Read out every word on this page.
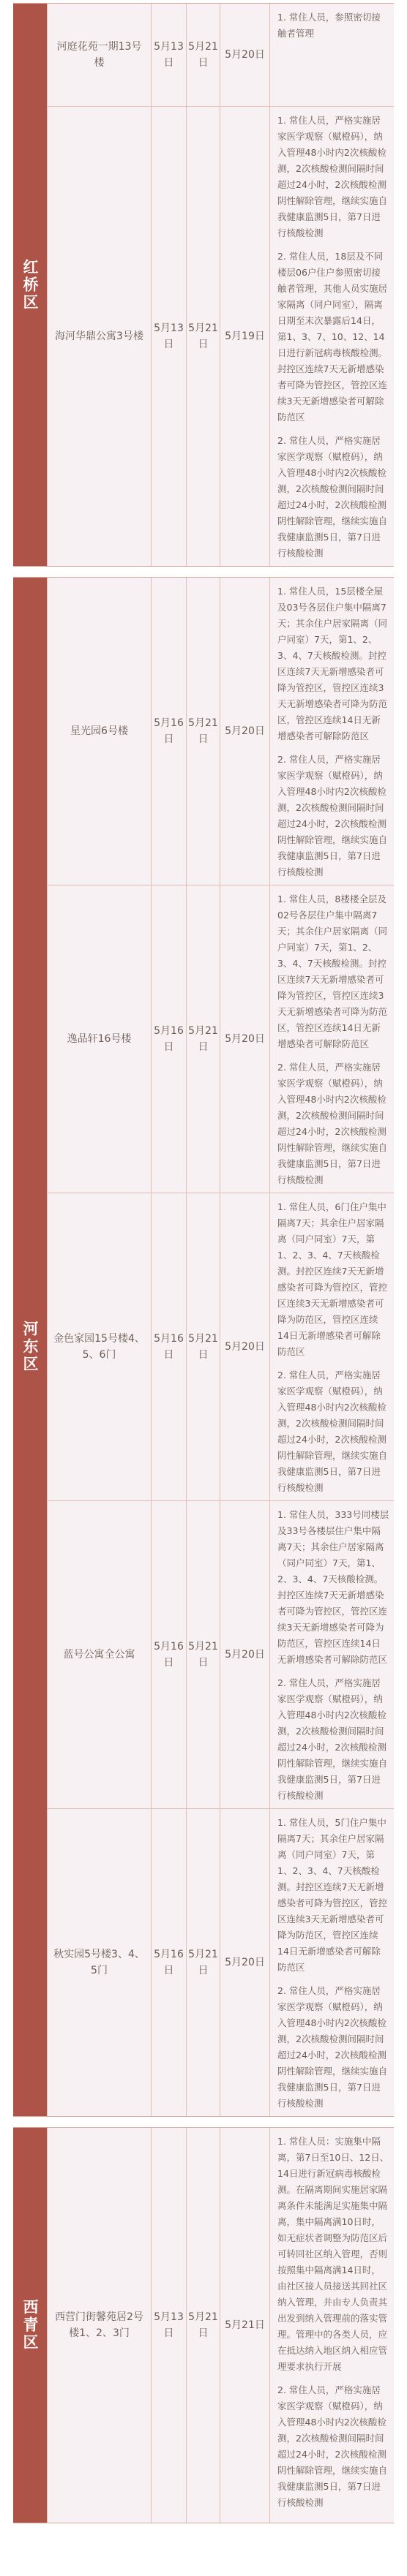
红桥区
河庭花苑一期13号楼
5月13日
5月21日
5月20日

1. 常住人员，参照密切接触者管理

海河华鼎公寓3号楼
5月13日
5月21日
5月19日

1. 常住人员，严格实施居家医学观察（赋橙码），纳入管理48小时内2次核酸检测，2次核酸检测间隔时间超过24小时，2次核酸检测阴性解除管理，继续实施自我健康监测5日，第7日进行核酸检测

2. 常住人员，18层及不同楼层06户住户参照密切接触者管理，其他人员实施居家隔离（同户同室），隔离日期至末次暴露后14日，第1、3、7、10、12、14日进行新冠病毒核酸检测。封控区连续7天无新增感染者可降为管控区，管控区连续3天无新增感染者可解除防范区

2. 常住人员，严格实施居家医学观察（赋橙码），纳入管理48小时内2次核酸检测，2次核酸检测间隔时间超过24小时，2次核酸检测阴性解除管理，继续实施自我健康监测5日，第7日进行核酸检测

河东区
星光园6号楼
5月16日
5月21日
5月20日

1. 常住人员，15层楼全屋及03号各层住户集中隔离7天；其余住户居家隔离（同户同室）7天，第1、2、3、4、7天核酸检测。封控区连续7天无新增感染者可降为管控区，管控区连续3天无新增感染者可降为防范区，管控区连续14日无新增感染者可解除防范区

2. 常住人员，严格实施居家医学观察（赋橙码），纳入管理48小时内2次核酸检测，2次核酸检测间隔时间超过24小时，2次核酸检测阴性解除管理，继续实施自我健康监测5日，第7日进行核酸检测

逸品轩16号楼
5月16日
5月21日
5月20日

1. 常住人员，8楼楼全层及02号各层住户集中隔离7天；其余住户居家隔离（同户同室）7天，第1、2、3、4、7天核酸检测。封控区连续7天无新增感染者可降为管控区，管控区连续3天无新增感染者可降为防范区，管控区连续14日无新增感染者可解除防范区

2. 常住人员，严格实施居家医学观察（赋橙码），纳入管理48小时内2次核酸检测，2次核酸检测间隔时间超过24小时，2次核酸检测阴性解除管理，继续实施自我健康监测5日，第7日进行核酸检测

金色家园15号楼4、5、6门
5月16日
5月21日
5月20日

1. 常住人员，6门住户集中隔离7天；其余住户居家隔离（同户同室）7天，第1、2、3、4、7天核酸检测。封控区连续7天无新增感染者可降为管控区，管控区连续3天无新增感染者可降为防范区，管控区连续14日无新增感染者可解除防范区

2. 常住人员，严格实施居家医学观察（赋橙码），纳入管理48小时内2次核酸检测，2次核酸检测间隔时间超过24小时，2次核酸检测阴性解除管理，继续实施自我健康监测5日，第7日进行核酸检测

蓝号公寓全公寓
5月16日
5月21日
5月20日

1. 常住人员，333号同楼层及33号各楼层住户集中隔离7天；其余住户居家隔离（同户同室）7天，第1、2、3、4、7天核酸检测。封控区连续7天无新增感染者可降为管控区，管控区连续3天无新增感染者可降为防范区，管控区连续14日无新增感染者可解除防范区

2. 常住人员，严格实施居家医学观察（赋橙码），纳入管理48小时内2次核酸检测，2次核酸检测间隔时间超过24小时，2次核酸检测阴性解除管理，继续实施自我健康监测5日，第7日进行核酸检测

秋实园5号楼3、4、5门
5月16日
5月21日
5月20日

1. 常住人员，5门住户集中隔离7天；其余住户居家隔离（同户同室）7天，第1、2、3、4、7天核酸检测。封控区连续7天无新增感染者可降为管控区，管控区连续3天无新增感染者可降为防范区，管控区连续14日无新增感染者可解除防范区

2. 常住人员，严格实施居家医学观察（赋橙码），纳入管理48小时内2次核酸检测，2次核酸检测间隔时间超过24小时，2次核酸检测阴性解除管理，继续实施自我健康监测5日，第7日进行核酸检测

西青区	西营门街馨苑居2号楼1、2、3门
5月13日
5月21日
5月21日

1. 常住人员：实施集中隔离，第7日至10日、12日、14日进行新冠病毒核酸检测。在隔离期间实施居家隔离条件未能满足实施集中隔离，集中隔离满10日时，如无症状者调整为防范区后可转回社区纳入管理，否则按照集中隔离满14日时，由社区接人员接送其回社区纳入管理，并由专人负责其出发到纳入管理前的落实管理。管理中的各类人员，应在抵达纳入地区纳入相应管理要求执行开展

2. 常住人员，严格实施居家医学观察（赋橙码），纳入管理48小时内2次核酸检测，2次核酸检测间隔时间超过24小时，2次核酸检测阴性解除管理，继续实施自我健康监测5日，第7日进行核酸检测
